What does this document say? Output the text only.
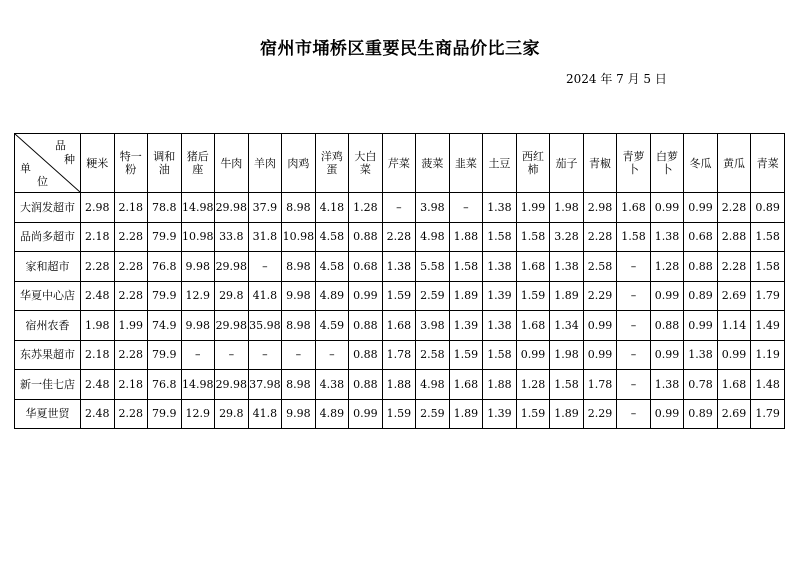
宿州市埇桥区重要民生商品价比三家
2024 年 7 月 5 日
品
种
单
位	粳米	特一粉	调和油	猪后座	牛肉	羊肉	肉鸡	洋鸡蛋	大白菜	芹菜	菠菜	韭菜	土豆	西红柿	茄子	青椒	青萝卜	白萝卜	冬瓜	黄瓜	青菜
大润发超市	2.98	2.18	78.8	14.98	29.98	37.9	8.98	4.18	1.28	–	3.98	–	1.38	1.99	1.98	2.98	1.68	0.99	0.99	2.28	0.89
品尚多超市	2.18	2.28	79.9	10.98	33.8	31.8	10.98	4.58	0.88	2.28	4.98	1.88	1.58	1.58	3.28	2.28	1.58	1.38	0.68	2.88	1.58
家和超市	2.28	2.28	76.8	9.98	29.98	–	8.98	4.58	0.68	1.38	5.58	1.58	1.38	1.68	1.38	2.58	–	1.28	0.88	2.28	1.58
华夏中心店	2.48	2.28	79.9	12.9	29.8	41.8	9.98	4.89	0.99	1.59	2.59	1.89	1.39	1.59	1.89	2.29	–	0.99	0.89	2.69	1.79
宿州农香	1.98	1.99	74.9	9.98	29.98	35.98	8.98	4.59	0.88	1.68	3.98	1.39	1.38	1.68	1.34	0.99	–	0.88	0.99	1.14	1.49
东苏果超市	2.18	2.28	79.9	–	–	–	–	–	0.88	1.78	2.58	1.59	1.58	0.99	1.98	0.99	–	0.99	1.38	0.99	1.19
新一佳七店	2.48	2.18	76.8	14.98	29.98	37.98	8.98	4.38	0.88	1.88	4.98	1.68	1.88	1.28	1.58	1.78	–	1.38	0.78	1.68	1.48
华夏世贸	2.48	2.28	79.9	12.9	29.8	41.8	9.98	4.89	0.99	1.59	2.59	1.89	1.39	1.59	1.89	2.29	–	0.99	0.89	2.69	1.79
